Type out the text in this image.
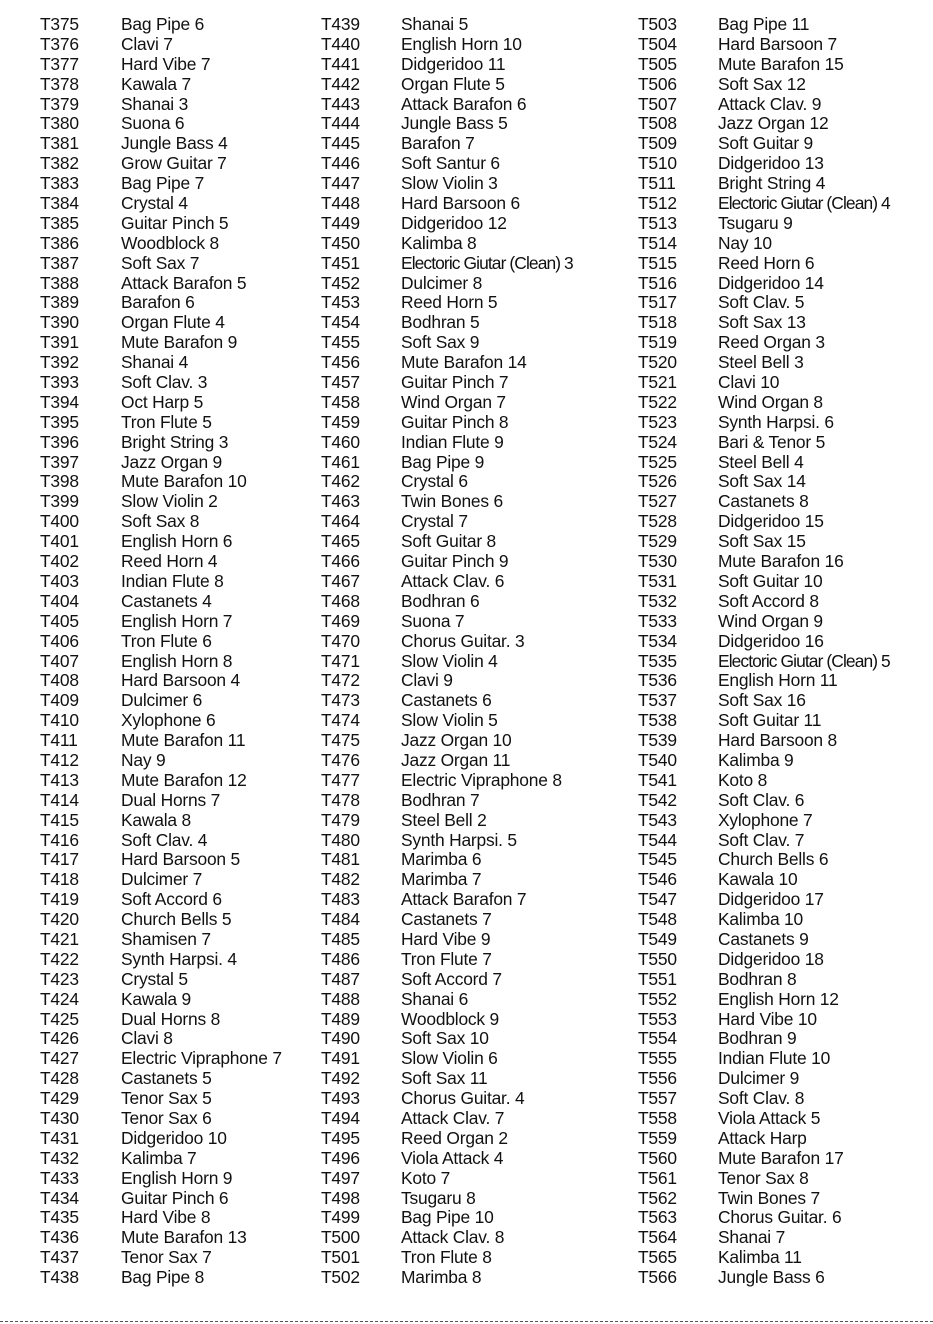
T375 Bag Pipe 6
T376 Clavi 7
T377 Hard Vibe 7
T378 Kawala 7
T379 Shanai 3
T380 Suona 6
T381 Jungle Bass 4
T382 Grow Guitar 7
T383 Bag Pipe 7
T384 Crystal 4
T385 Guitar Pinch 5
T386 Woodblock 8
T387 Soft Sax 7
T388 Attack Barafon 5
T389 Barafon 6
T390 Organ Flute 4
T391 Mute Barafon 9
T392 Shanai 4
T393 Soft Clav. 3
T394 Oct Harp 5
T395 Tron Flute 5
T396 Bright String 3
T397 Jazz Organ 9
T398 Mute Barafon 10
T399 Slow Violin 2
T400 Soft Sax 8
T401 English Horn 6
T402 Reed Horn 4
T403 Indian Flute 8
T404 Castanets 4
T405 English Horn 7
T406 Tron Flute 6
T407 English Horn 8
T408 Hard Barsoon 4
T409 Dulcimer 6
T410 Xylophone 6
T411 Mute Barafon 11
T412 Nay 9
T413 Mute Barafon 12
T414 Dual Horns 7
T415 Kawala 8
T416 Soft Clav. 4
T417 Hard Barsoon 5
T418 Dulcimer 7
T419 Soft Accord 6
T420 Church Bells 5
T421 Shamisen 7
T422 Synth Harpsi. 4
T423 Crystal 5
T424 Kawala 9
T425 Dual Horns 8
T426 Clavi 8
T427 Electric Vipraphone 7
T428 Castanets 5
T429 Tenor Sax 5
T430 Tenor Sax 6
T431 Didgeridoo 10
T432 Kalimba 7
T433 English Horn 9
T434 Guitar Pinch 6
T435 Hard Vibe 8
T436 Mute Barafon 13
T437 Tenor Sax 7
T438 Bag Pipe 8
T439 Shanai 5
T440 English Horn 10
T441 Didgeridoo 11
T442 Organ Flute 5
T443 Attack Barafon 6
T444 Jungle Bass 5
T445 Barafon 7
T446 Soft Santur 6
T447 Slow Violin 3
T448 Hard Barsoon 6
T449 Didgeridoo 12
T450 Kalimba 8
T451 Electoric Giutar (Clean) 3
T452 Dulcimer 8
T453 Reed Horn 5
T454 Bodhran 5
T455 Soft Sax 9
T456 Mute Barafon 14
T457 Guitar Pinch 7
T458 Wind Organ 7
T459 Guitar Pinch 8
T460 Indian Flute 9
T461 Bag Pipe 9
T462 Crystal 6
T463 Twin Bones 6
T464 Crystal 7
T465 Soft Guitar 8
T466 Guitar Pinch 9
T467 Attack Clav. 6
T468 Bodhran 6
T469 Suona 7
T470 Chorus Guitar. 3
T471 Slow Violin 4
T472 Clavi 9
T473 Castanets 6
T474 Slow Violin 5
T475 Jazz Organ 10
T476 Jazz Organ 11
T477 Electric Vipraphone 8
T478 Bodhran 7
T479 Steel Bell 2
T480 Synth Harpsi. 5
T481 Marimba 6
T482 Marimba 7
T483 Attack Barafon 7
T484 Castanets 7
T485 Hard Vibe 9
T486 Tron Flute 7
T487 Soft Accord 7
T488 Shanai 6
T489 Woodblock 9
T490 Soft Sax 10
T491 Slow Violin 6
T492 Soft Sax 11
T493 Chorus Guitar. 4
T494 Attack Clav. 7
T495 Reed Organ 2
T496 Viola Attack 4
T497 Koto 7
T498 Tsugaru 8
T499 Bag Pipe 10
T500 Attack Clav. 8
T501 Tron Flute 8
T502 Marimba 8
T503 Bag Pipe 11
T504 Hard Barsoon 7
T505 Mute Barafon 15
T506 Soft Sax 12
T507 Attack Clav. 9
T508 Jazz Organ 12
T509 Soft Guitar 9
T510 Didgeridoo 13
T511 Bright String 4
T512 Electoric Giutar (Clean) 4
T513 Tsugaru 9
T514 Nay 10
T515 Reed Horn 6
T516 Didgeridoo 14
T517 Soft Clav. 5
T518 Soft Sax 13
T519 Reed Organ 3
T520 Steel Bell 3
T521 Clavi 10
T522 Wind Organ 8
T523 Synth Harpsi. 6
T524 Bari & Tenor 5
T525 Steel Bell 4
T526 Soft Sax 14
T527 Castanets 8
T528 Didgeridoo 15
T529 Soft Sax 15
T530 Mute Barafon 16
T531 Soft Guitar 10
T532 Soft Accord 8
T533 Wind Organ 9
T534 Didgeridoo 16
T535 Electoric Giutar (Clean) 5
T536 English Horn 11
T537 Soft Sax 16
T538 Soft Guitar 11
T539 Hard Barsoon 8
T540 Kalimba 9
T541 Koto 8
T542 Soft Clav. 6
T543 Xylophone 7
T544 Soft Clav. 7
T545 Church Bells 6
T546 Kawala 10
T547 Didgeridoo 17
T548 Kalimba 10
T549 Castanets 9
T550 Didgeridoo 18
T551 Bodhran 8
T552 English Horn 12
T553 Hard Vibe 10
T554 Bodhran 9
T555 Indian Flute 10
T556 Dulcimer 9
T557 Soft Clav. 8
T558 Viola Attack 5
T559 Attack Harp
T560 Mute Barafon 17
T561 Tenor Sax 8
T562 Twin Bones 7
T563 Chorus Guitar. 6
T564 Shanai 7
T565 Kalimba 11
T566 Jungle Bass 6
